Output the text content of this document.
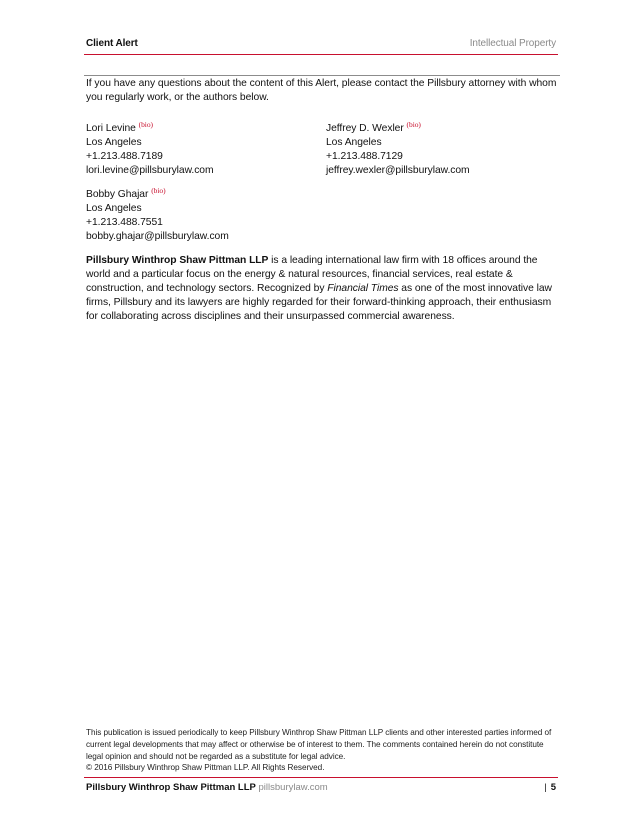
Client Alert	Intellectual Property
If you have any questions about the content of this Alert, please contact the Pillsbury attorney with whom you regularly work, or the authors below.
Lori Levine $^{(bio)}$
Los Angeles
+1.213.488.7189
lori.levine@pillsburylaw.com
Jeffrey D. Wexler $^{(bio)}$
Los Angeles
+1.213.488.7129
jeffrey.wexler@pillsburylaw.com
Bobby Ghajar $^{(bio)}$
Los Angeles
+1.213.488.7551
bobby.ghajar@pillsburylaw.com
Pillsbury Winthrop Shaw Pittman LLP is a leading international law firm with 18 offices around the world and a particular focus on the energy & natural resources, financial services, real estate & construction, and technology sectors. Recognized by Financial Times as one of the most innovative law firms, Pillsbury and its lawyers are highly regarded for their forward-thinking approach, their enthusiasm for collaborating across disciplines and their unsurpassed commercial awareness.
This publication is issued periodically to keep Pillsbury Winthrop Shaw Pittman LLP clients and other interested parties informed of current legal developments that may affect or otherwise be of interest to them. The comments contained herein do not constitute legal opinion and should not be regarded as a substitute for legal advice.
© 2016 Pillsbury Winthrop Shaw Pittman LLP. All Rights Reserved.
Pillsbury Winthrop Shaw Pittman LLP pillsburylaw.com	| 5
